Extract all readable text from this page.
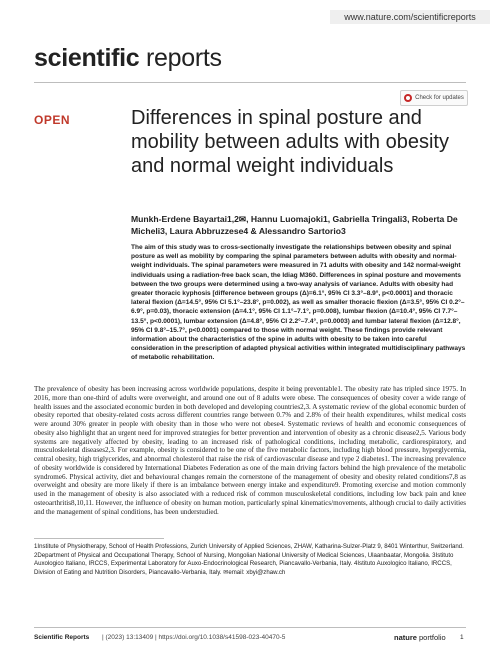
www.nature.com/scientificreports
scientific reports
Check for updates
OPEN	Differences in spinal posture and mobility between adults with obesity and normal weight individuals
Munkh-Erdene Bayartai1,2✉, Hannu Luomajoki1, Gabriella Tringali3, Roberta De Micheli3, Laura Abbruzzese4 & Alessandro Sartorio3
The aim of this study was to cross-sectionally investigate the relationships between obesity and spinal posture as well as mobility by comparing the spinal parameters between adults with obesity and normal-weight individuals. The spinal parameters were measured in 71 adults with obesity and 142 normal-weight individuals using a radiation-free back scan, the Idiag M360. Differences in spinal posture and movements between the two groups were determined using a two-way analysis of variance. Adults with obesity had greater thoracic kyphosis [difference between groups (Δ)=6.1°, 95% CI 3.3°–8.9°, p<0.0001] and thoracic lateral flexion (Δ=14.5°, 95% CI 5.1°–23.8°, p=0.002), as well as smaller thoracic flexion (Δ=3.5°, 95% CI 0.2°–6.9°, p=0.03), thoracic extension (Δ=4.1°, 95% CI 1.1°–7.1°, p=0.008), lumbar flexion (Δ=10.4°, 95% CI 7.7°–13.5°, p<0.0001), lumbar extension (Δ=4.8°, 95% CI 2.2°–7.4°, p=0.0003) and lumbar lateral flexion (Δ=12.8°, 95% CI 9.8°–15.7°, p<0.0001) compared to those with normal weight. These findings provide relevant information about the characteristics of the spine in adults with obesity to be taken into careful consideration in the prescription of adapted physical activities within integrated multidisciplinary pathways of metabolic rehabilitation.
The prevalence of obesity has been increasing across worldwide populations, despite it being preventable1. The obesity rate has tripled since 1975. In 2016, more than one-third of adults were overweight, and around one out of 8 adults were obese. The consequences of obesity cover a wide range of health issues and the associated economic burden in both developed and developing countries2,3. A systematic review of the global economic burden of obesity reported that obesity-related costs across different countries range between 0.7% and 2.8% of their health expenditures, whilst medical costs were around 30% greater in people with obesity than in those who were not obese4. Systematic reviews of health and economic consequences of obesity also highlight that an urgent need for improved strategies for better prevention and intervention of obesity as a chronic disease2,5. Various body systems are negatively affected by obesity, leading to an increased risk of pathological conditions, including metabolic, cardiorespiratory, and musculoskeletal diseases2,3. For example, obesity is considered to be one of the five metabolic factors, including high blood pressure, hyperglycemia, central obesity, high triglycerides, and abnormal cholesterol that raise the risk of cardiovascular disease and type 2 diabetes1. The increasing prevalence of obesity worldwide is considered by International Diabetes Federation as one of the main driving factors behind the high prevalence of the metabolic syndrome6. Physical activity, diet and behavioural changes remain the cornerstone of the management of obesity and obesity related conditions7,8 as overweight and obesity are more likely if there is an imbalance between energy intake and expenditure9. Promoting exercise and motion commonly used in the management of obesity is also associated with a reduced risk of common musculoskeletal conditions, including low back pain and knee osteoarthritis8,10,11. However, the influence of obesity on human motion, particularly spinal kinematics/movements, although crucial to daily activities and the management of spinal conditions, has been understudied.
1Institute of Physiotherapy, School of Health Professions, Zurich University of Applied Sciences, ZHAW, Katharina-Sulzer-Platz 9, 8401 Winterthur, Switzerland. 2Department of Physical and Occupational Therapy, School of Nursing, Mongolian National University of Medical Sciences, Ulaanbaatar, Mongolia. 3Istituto Auxologico Italiano, IRCCS, Experimental Laboratory for Auxo-Endocrinological Research, Piancavallo-Verbania, Italy. 4Istituto Auxologico Italiano, IRCCS, Division of Eating and Nutrition Disorders, Piancavallo-Verbania, Italy. ✉email: xbyi@zhaw.ch
Scientific Reports | (2023) 13:13409 | https://doi.org/10.1038/s41598-023-40470-5	nature portfolio 1
